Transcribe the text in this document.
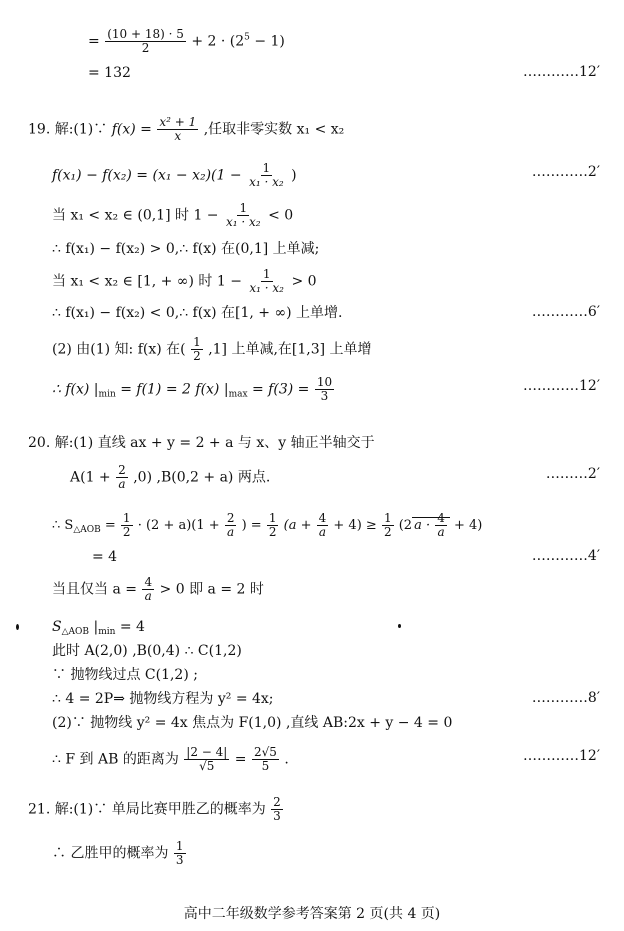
= $\frac{(10 + 18) \cdot 5}{2} + 2 \cdot (2^5 - 1)$
= 132	…………12′
19. 解:(1)∵ $f(x) = \frac{\text{x² + 1}}{x}$ ,任取非零实数 x₁ < x₂
$f(x_1) - f(x_2) = (x_1 - x_2)(1 - \frac{1}{\text{x₁ · x₂}}$ )	…………2′
当 x₁ < x₂ ∈ (0,1] 时 $1 - \frac{1}{\text{x₁ · x₂}} < 0$
∴ f(x₁) − f(x₂) > 0,∴ f(x) 在(0,1] 上单减;
当 x₁ < x₂ ∈ [1, + ∞) 时 $1 - \frac{1}{\text{x₁ · x₂}} > 0$
∴ f(x₁) − f(x₂) < 0,∴ f(x) 在[1, + ∞) 上单增.	…………6′
(2) 由(1) 知: f(x) 在( $\frac{1}{2} ,1$] 上单减,在[1,3] 上单增
∴ f(x) $|_{min} = f(1) = 2$ f(x) $|_{max} = f(3) = \frac{10}{3}$	…………12′
20. 解:(1) 直线 ax + y = 2 + a 与 x、y 轴正半轴交于
$A(1 + \frac{2}{a} ,0)$ ,B(0,2 + a) 两点.	………2′
∴ $S_{\triangle AOB} = \frac{1}{2} \cdot (2 + a)(1 + \frac{2}{a}$ ) = $\frac{1}{2} (a + \frac{4}{a} + 4) \ge \frac{1}{2} (2$ $a \cdot \frac{4}{a} + 4$)
= 4	…………4′
当且仅当 $a = \frac{4}{a} > 0$ 即 a = 2 时
$S_{\triangle AOB}$ $|_{min} = 4$
此时 A(2,0) ,B(0,4) ∴ C(1,2)
∵ 抛物线过点 C(1,2) ;
∴ 4 = 2P⇒ 抛物线方程为 y² = 4x;	…………8′
(2)∵ 抛物线 y² = 4x 焦点为 F(1,0) ,直线 AB:2x + y − 4 = 0
∴ F 到 AB 的距离为 $\frac{|2 - 4|}{√5} = \frac{2√5}{5}$ .	…………12′
21. 解:(1)∵ 单局比赛甲胜乙的概率为 $\frac{2}{3}$
∴ 乙胜甲的概率为 $\frac{1}{3}$
高中二年级数学参考答案第 2 页(共 4 页)
